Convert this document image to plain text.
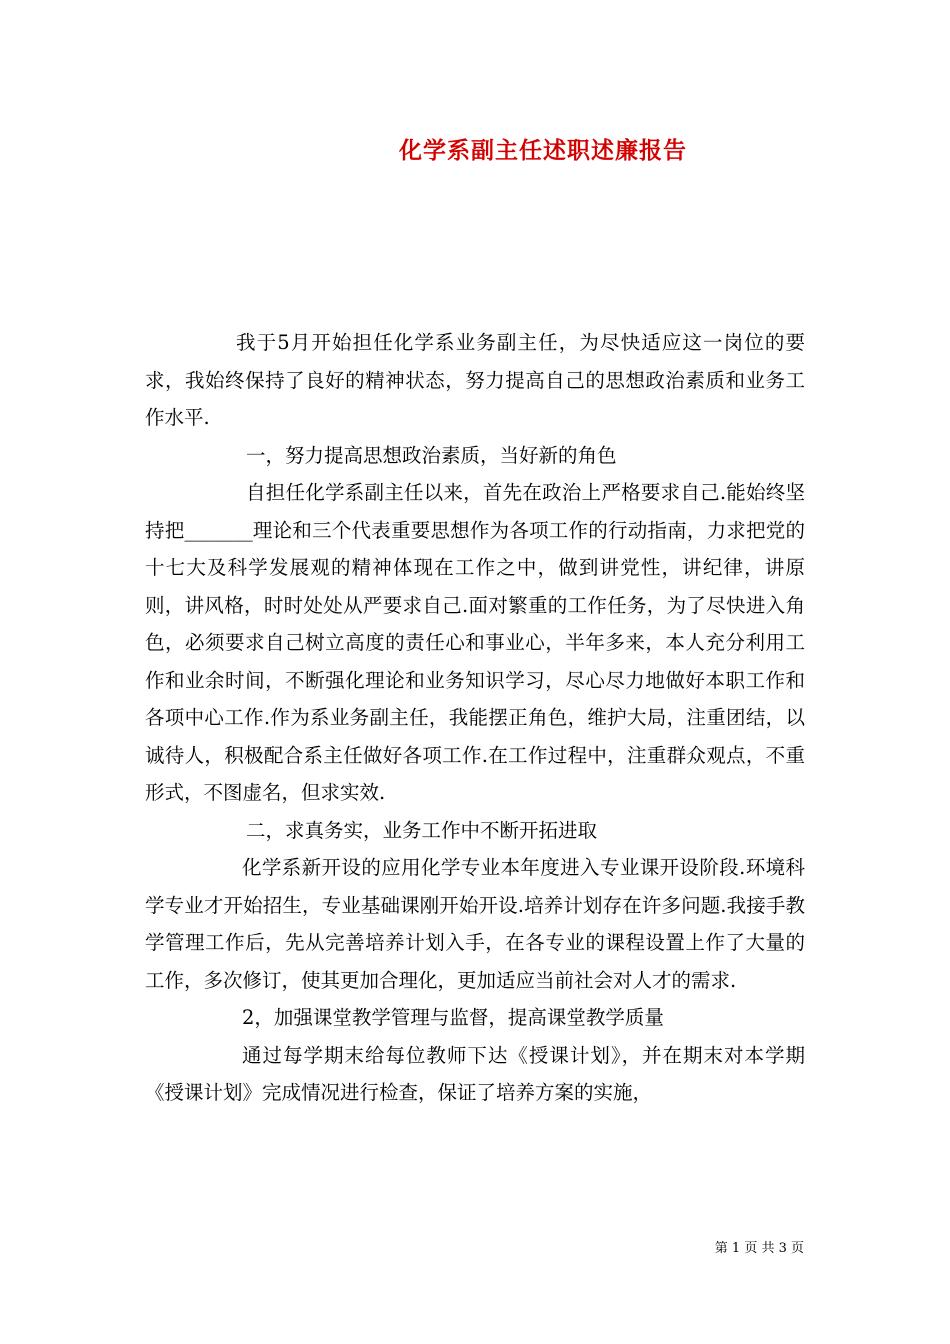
化学系副主任述职述廉报告

我于5月开始担任化学系业务副主任，为尽快适应这一岗位的要求，我始终保持了良好的精神状态，努力提高自己的思想政治素质和业务工作水平.

一，努力提高思想政治素质，当好新的角色

自担任化学系副主任以来，首先在政治上严格要求自己.能始终坚持把_______理论和三个代表重要思想作为各项工作的行动指南，力求把党的十七大及科学发展观的精神体现在工作之中，做到讲党性，讲纪律，讲原则，讲风格，时时处处从严要求自己.面对繁重的工作任务，为了尽快进入角色，必须要求自己树立高度的责任心和事业心，半年多来，本人充分利用工作和业余时间，不断强化理论和业务知识学习，尽心尽力地做好本职工作和各项中心工作.作为系业务副主任，我能摆正角色，维护大局，注重团结，以诚待人，积极配合系主任做好各项工作.在工作过程中，注重群众观点，不重形式，不图虚名，但求实效.

二，求真务实，业务工作中不断开拓进取

化学系新开设的应用化学专业本年度进入专业课开设阶段.环境科学专业才开始招生，专业基础课刚开始开设.培养计划存在许多问题.我接手教学管理工作后，先从完善培养计划入手，在各专业的课程设置上作了大量的工作，多次修订，使其更加合理化，更加适应当前社会对人才的需求.

2，加强课堂教学管理与监督，提高课堂教学质量

通过每学期末给每位教师下达《授课计划》，并在期末对本学期《授课计划》完成情况进行检查，保证了培养方案的实施，

第 1 页 共 3 页
